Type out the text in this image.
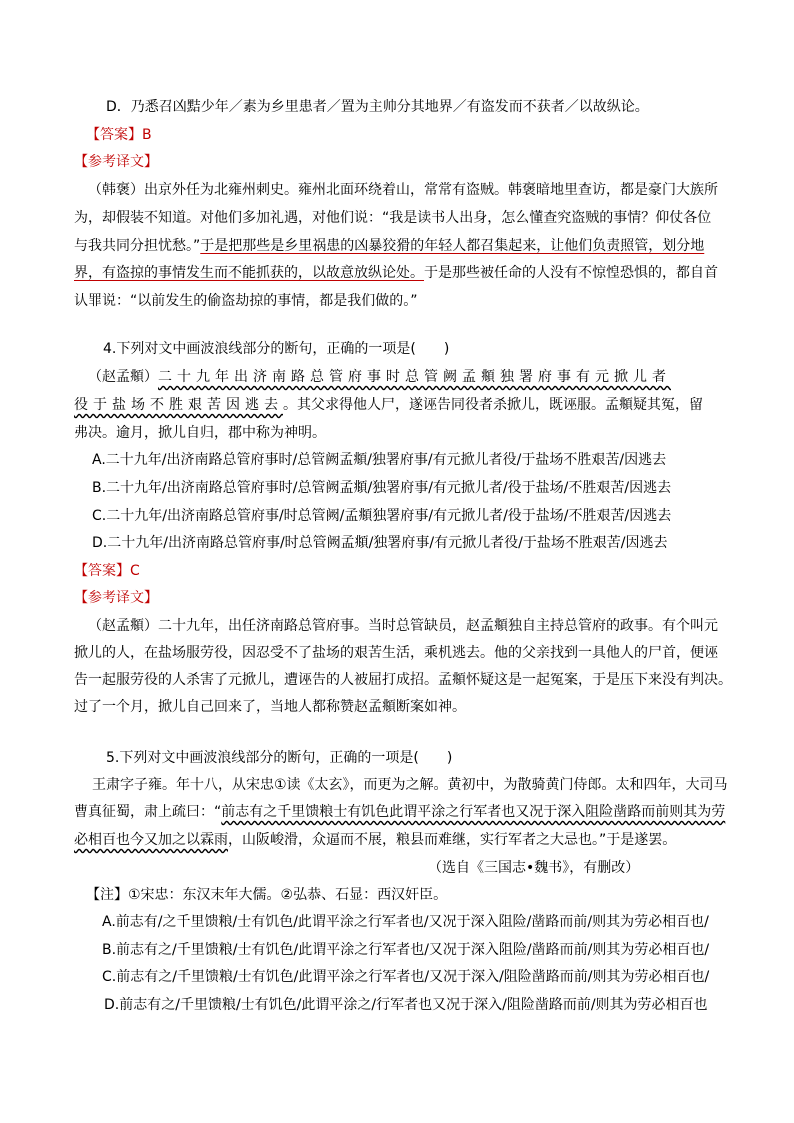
D．乃悉召凶黠少年／素为乡里患者／置为主帅分其地界／有盗发而不获者／以故纵论。
【答案】B
【参考译文】
（韩褒）出京外任为北雍州刺史。雍州北面环绕着山，常常有盗贼。韩褒暗地里查访，都是豪门大族所
为，却假装不知道。对他们多加礼遇，对他们说：“我是读书人出身，怎么懂查究盗贼的事情？仰仗各位
与我共同分担忧愁。”于是把那些是乡里祸患的凶暴狡猾的年轻人都召集起来，让他们负责照管，划分地
界，有盗掠的事情发生而不能抓获的，以故意放纵论处。于是那些被任命的人没有不惊惶恐惧的，都自首
认罪说：“以前发生的偷盗劫掠的事情，都是我们做的。”
4.下列对文中画波浪线部分的断句，正确的一项是(　　)
（赵孟頫）二十九年出济南路总管府事时总管阙孟頫独署府事有元掀儿者
役于盐场不胜艰苦因逃去。其父求得他人尸，遂诬告同役者杀掀儿，既诬服。孟頫疑其冤，留
弗决。逾月，掀儿自归，郡中称为神明。
A.二十九年/出济南路总管府事时/总管阙孟頫/独署府事/有元掀儿者役/于盐场不胜艰苦/因逃去
B.二十九年/出济南路总管府事时/总管阙孟頫/独署府事/有元掀儿者/役于盐场/不胜艰苦/因逃去
C.二十九年/出济南路总管府事/时总管阙/孟頫独署府事/有元掀儿者/役于盐场/不胜艰苦/因逃去
D.二十九年/出济南路总管府事/时总管阙孟頫/独署府事/有元掀儿者役/于盐场不胜艰苦/因逃去
【答案】C
【参考译文】
（赵孟頫）二十九年，出任济南路总管府事。当时总管缺员，赵孟頫独自主持总管府的政事。有个叫元
掀儿的人，在盐场服劳役，因忍受不了盐场的艰苦生活，乘机逃去。他的父亲找到一具他人的尸首，便诬
告一起服劳役的人杀害了元掀儿，遭诬告的人被屈打成招。孟頫怀疑这是一起冤案，于是压下来没有判决。
过了一个月，掀儿自己回来了，当地人都称赞赵孟頫断案如神。
5.下列对文中画波浪线部分的断句，正确的一项是(　　)
王肃字子雍。年十八，从宋忠①读《太玄》，而更为之解。黄初中，为散骑黄门侍郎。太和四年，大司马
曹真征蜀，肃上疏曰：“前志有之千里馈粮士有饥色此谓平涂之行军者也又况于深入阻险凿路而前则其为劳
必相百也今又加之以霖雨，山阪峻滑，众逼而不展，粮县而难继，实行军者之大忌也。”于是遂罢。
（选自《三国志•魏书》，有删改）
【注】①宋忠：东汉末年大儒。②弘恭、石显：西汉奸臣。
A.前志有/之千里馈粮/士有饥色/此谓平涂之行军者也/又况于深入阻险/凿路而前/则其为劳必相百也/
B.前志有之/千里馈粮/士有饥色/此谓平涂之行军者也/又况于深入阻险/凿路而前/则其为劳必相百也/
C.前志有之/千里馈粮/士有饥色/此谓平涂之行军者也/又况于深入/阻险凿路而前/则其为劳必相百也/
D.前志有之/千里馈粮/士有饥色/此谓平涂之/行军者也又况于深入/阻险凿路而前/则其为劳必相百也
